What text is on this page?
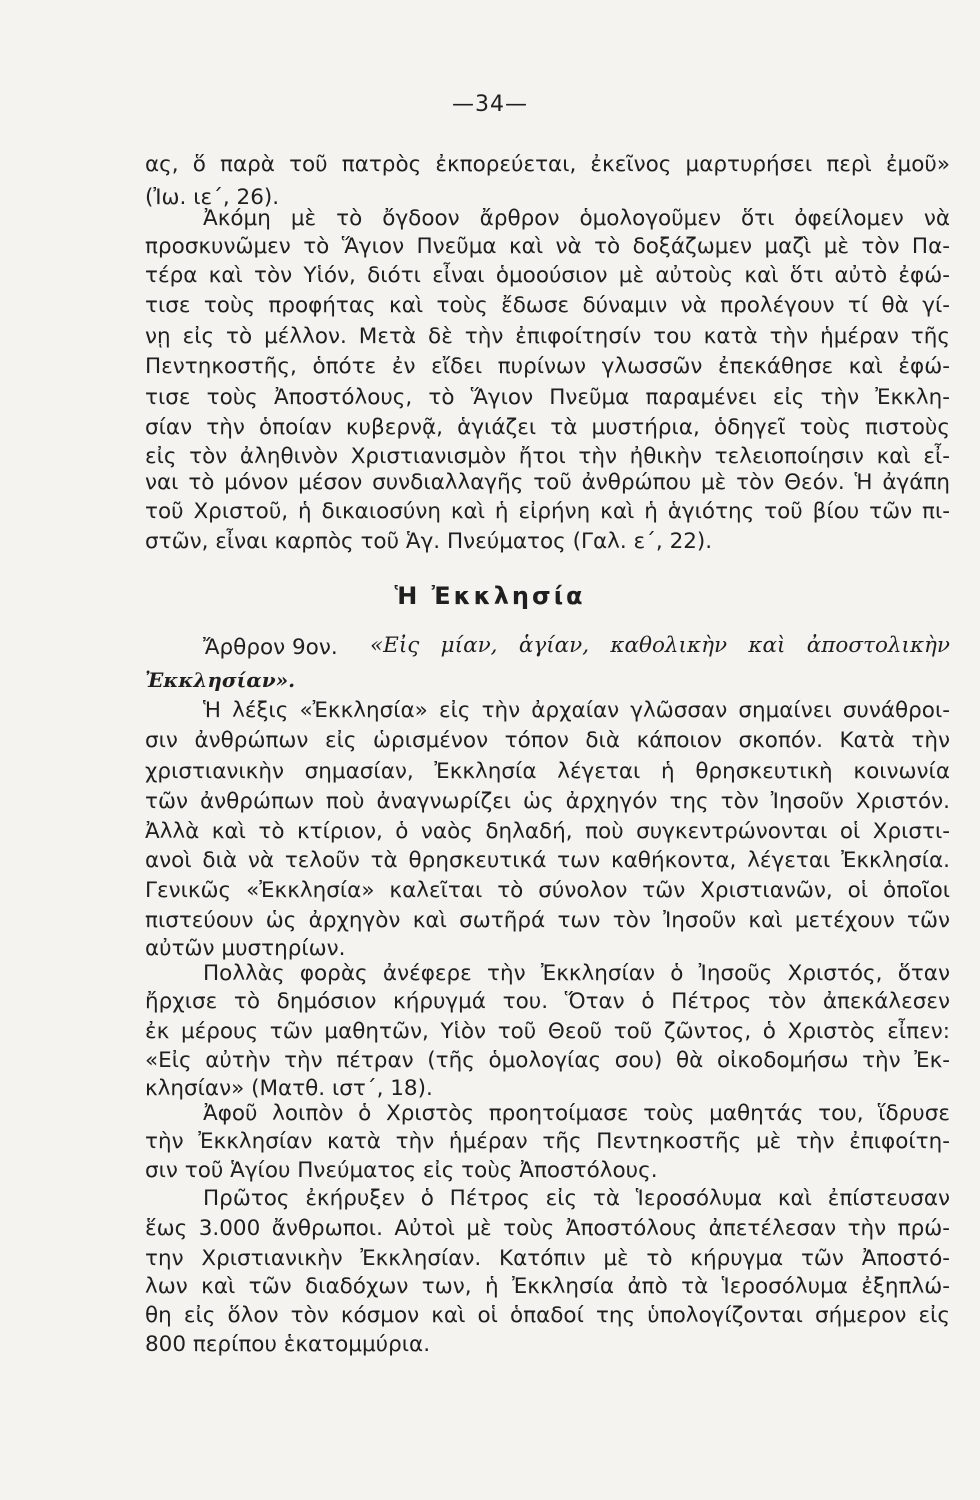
—34—
ας, ὅ παρὰ τοῦ πατρὸς ἐκπορεύεται, ἐκεῖνος μαρτυρήσει περὶ ἐμοῦ»
(Ἰω. ιε΄, 26).
Ἀκόμη μὲ τὸ ὄγδοον ἄρθρον ὁμολογοῦμεν ὅτι ὀφείλομεν νὰ
προσκυνῶμεν τὸ Ἅγιον Πνεῦμα καὶ νὰ τὸ δοξάζωμεν μαζὶ μὲ τὸν Πα-
τέρα καὶ τὸν Υἱόν, διότι εἶναι ὁμοούσιον μὲ αὐτοὺς καὶ ὅτι αὐτὸ ἐφώ-
τισε τοὺς προφήτας καὶ τοὺς ἔδωσε δύναμιν νὰ προλέγουν τί θὰ γί-
νῃ εἰς τὸ μέλλον. Μετὰ δὲ τὴν ἐπιφοίτησίν του κατὰ τὴν ἡμέραν τῆς
Πεντηκοστῆς, ὁπότε ἐν εἴδει πυρίνων γλωσσῶν ἐπεκάθησε καὶ ἐφώ-
τισε τοὺς Ἀποστόλους, τὸ Ἅγιον Πνεῦμα παραμένει εἰς τὴν Ἐκκλη-
σίαν τὴν ὁποίαν κυβερνᾷ, ἁγιάζει τὰ μυστήρια, ὁδηγεῖ τοὺς πιστοὺς
εἰς τὸν ἀληθινὸν Χριστιανισμὸν ἤτοι τὴν ἠθικὴν τελειοποίησιν καὶ εἶ-
ναι τὸ μόνον μέσον συνδιαλλαγῆς τοῦ ἀνθρώπου μὲ τὸν Θεόν. Ἡ ἀγάπη
τοῦ Χριστοῦ, ἡ δικαιοσύνη καὶ ἡ εἰρήνη καὶ ἡ ἁγιότης τοῦ βίου τῶν πι-
στῶν, εἶναι καρπὸς τοῦ Ἁγ. Πνεύματος (Γαλ. ε΄, 22).
Ἡ Ἐκκλησία
Ἄρθρον 9ον. «Εἰς μίαν, ἁγίαν, καθολικὴν καὶ ἀποστολικὴν
Ἐκκλησίαν».
Ἡ λέξις «Ἐκκλησία» εἰς τὴν ἀρχαίαν γλῶσσαν σημαίνει συνάθροι-
σιν ἀνθρώπων εἰς ὡρισμένον τόπον διὰ κάποιον σκοπόν. Κατὰ τὴν
χριστιανικὴν σημασίαν, Ἐκκλησία λέγεται ἡ θρησκευτικὴ κοινωνία
τῶν ἀνθρώπων ποὺ ἀναγνωρίζει ὡς ἀρχηγόν της τὸν Ἰησοῦν Χριστόν.
Ἀλλὰ καὶ τὸ κτίριον, ὁ ναὸς δηλαδή, ποὺ συγκεντρώνονται οἱ Χριστι-
ανοὶ διὰ νὰ τελοῦν τὰ θρησκευτικά των καθήκοντα, λέγεται Ἐκκλησία.
Γενικῶς «Ἐκκλησία» καλεῖται τὸ σύνολον τῶν Χριστιανῶν, οἱ ὁποῖοι
πιστεύουν ὡς ἀρχηγὸν καὶ σωτῆρά των τὸν Ἰησοῦν καὶ μετέχουν τῶν
αὐτῶν μυστηρίων.
Πολλὰς φορὰς ἀνέφερε τὴν Ἐκκλησίαν ὁ Ἰησοῦς Χριστός, ὅταν
ἤρχισε τὸ δημόσιον κήρυγμά του. Ὅταν ὁ Πέτρος τὸν ἀπεκάλεσεν
ἐκ μέρους τῶν μαθητῶν, Υἱὸν τοῦ Θεοῦ τοῦ ζῶντος, ὁ Χριστὸς εἶπεν:
«Εἰς αὐτὴν τὴν πέτραν (τῆς ὁμολογίας σου) θὰ οἰκοδομήσω τὴν Ἐκ-
κλησίαν» (Ματθ. ιστ΄, 18).
Ἀφοῦ λοιπὸν ὁ Χριστὸς προητοίμασε τοὺς μαθητάς του, ἵδρυσε
τὴν Ἐκκλησίαν κατὰ τὴν ἡμέραν τῆς Πεντηκοστῆς μὲ τὴν ἐπιφοίτη-
σιν τοῦ Ἁγίου Πνεύματος εἰς τοὺς Ἀποστόλους.
Πρῶτος ἐκήρυξεν ὁ Πέτρος εἰς τὰ Ἱεροσόλυμα καὶ ἐπίστευσαν
ἕως 3.000 ἄνθρωποι. Αὐτοὶ μὲ τοὺς Ἀποστόλους ἀπετέλεσαν τὴν πρώ-
την Χριστιανικὴν Ἐκκλησίαν. Κατόπιν μὲ τὸ κήρυγμα τῶν Ἀποστό-
λων καὶ τῶν διαδόχων των, ἡ Ἐκκλησία ἀπὸ τὰ Ἱεροσόλυμα ἐξηπλώ-
θη εἰς ὅλον τὸν κόσμον καὶ οἱ ὁπαδοί της ὑπολογίζονται σήμερον εἰς
800 περίπου ἑκατομμύρια.
